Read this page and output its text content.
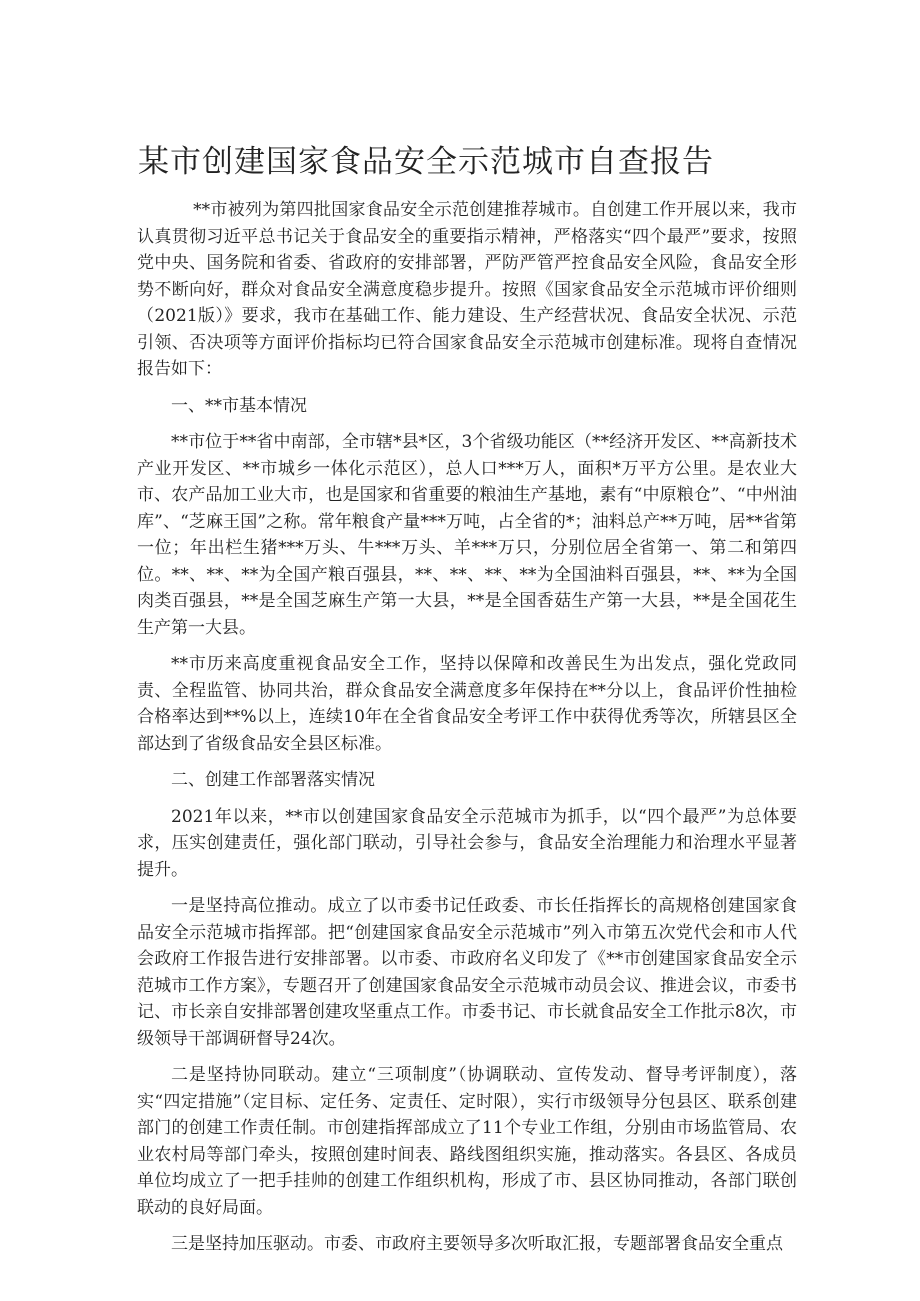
某市创建国家食品安全示范城市自查报告

**市被列为第四批国家食品安全示范创建推荐城市。自创建工作开展以来，我市认真贯彻习近平总书记关于食品安全的重要指示精神，严格落实“四个最严”要求，按照党中央、国务院和省委、省政府的安排部署，严防严管严控食品安全风险，食品安全形势不断向好，群众对食品安全满意度稳步提升。按照《国家食品安全示范城市评价细则（2021版）》要求，我市在基础工作、能力建设、生产经营状况、食品安全状况、示范引领、否决项等方面评价指标均已符合国家食品安全示范城市创建标准。现将自查情况报告如下：

一、**市基本情况

**市位于**省中南部，全市辖*县*区，3个省级功能区（**经济开发区、**高新技术产业开发区、**市城乡一体化示范区），总人口***万人，面积*万平方公里。是农业大市、农产品加工业大市，也是国家和省重要的粮油生产基地，素有“中原粮仓”、“中州油库”、“芝麻王国”之称。常年粮食产量***万吨，占全省的*；油料总产**万吨，居**省第一位；年出栏生猪***万头、牛***万头、羊***万只，分别位居全省第一、第二和第四位。**、**、**为全国产粮百强县，**、**、**、**为全国油料百强县，**、**为全国肉类百强县，**是全国芝麻生产第一大县，**是全国香菇生产第一大县，**是全国花生生产第一大县。

**市历来高度重视食品安全工作，坚持以保障和改善民生为出发点，强化党政同责、全程监管、协同共治，群众食品安全满意度多年保持在**分以上，食品评价性抽检合格率达到**%以上，连续10年在全省食品安全考评工作中获得优秀等次，所辖县区全部达到了省级食品安全县区标准。

二、创建工作部署落实情况

2021年以来，**市以创建国家食品安全示范城市为抓手，以“四个最严”为总体要求，压实创建责任，强化部门联动，引导社会参与，食品安全治理能力和治理水平显著提升。

一是坚持高位推动。成立了以市委书记任政委、市长任指挥长的高规格创建国家食品安全示范城市指挥部。把“创建国家食品安全示范城市”列入市第五次党代会和市人代会政府工作报告进行安排部署。以市委、市政府名义印发了《**市创建国家食品安全示范城市工作方案》，专题召开了创建国家食品安全示范城市动员会议、推进会议，市委书记、市长亲自安排部署创建攻坚重点工作。市委书记、市长就食品安全工作批示8次，市级领导干部调研督导24次。

二是坚持协同联动。建立“三项制度”（协调联动、宣传发动、督导考评制度），落实“四定措施”（定目标、定任务、定责任、定时限），实行市级领导分包县区、联系创建部门的创建工作责任制。市创建指挥部成立了11个专业工作组，分别由市场监管局、农业农村局等部门牵头，按照创建时间表、路线图组织实施，推动落实。各县区、各成员单位均成立了一把手挂帅的创建工作组织机构，形成了市、县区协同推动，各部门联创联动的良好局面。

三是坚持加压驱动。市委、市政府主要领导多次听取汇报，专题部署食品安全重点
